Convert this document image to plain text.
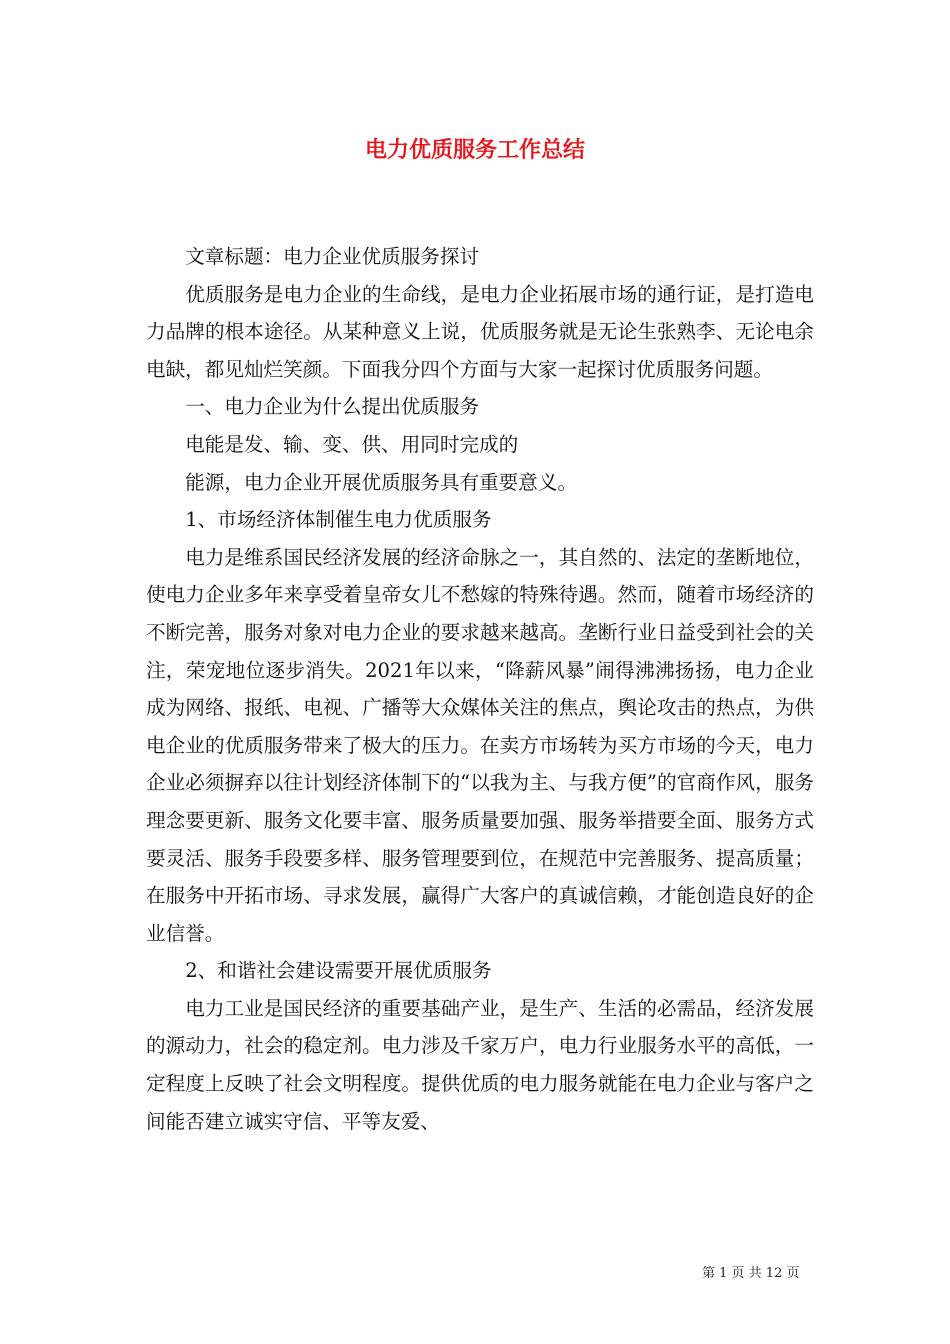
电力优质服务工作总结

文章标题：电力企业优质服务探讨

优质服务是电力企业的生命线，是电力企业拓展市场的通行证，是打造电力品牌的根本途径。从某种意义上说，优质服务就是无论生张熟李、无论电余电缺，都见灿烂笑颜。下面我分四个方面与大家一起探讨优质服务问题。

一、电力企业为什么提出优质服务

电能是发、输、变、供、用同时完成的

能源，电力企业开展优质服务具有重要意义。

1、市场经济体制催生电力优质服务

电力是维系国民经济发展的经济命脉之一，其自然的、法定的垄断地位，使电力企业多年来享受着皇帝女儿不愁嫁的特殊待遇。然而，随着市场经济的不断完善，服务对象对电力企业的要求越来越高。垄断行业日益受到社会的关注，荣宠地位逐步消失。2021年以来，“降薪风暴”闹得沸沸扬扬，电力企业成为网络、报纸、电视、广播等大众媒体关注的焦点，舆论攻击的热点，为供电企业的优质服务带来了极大的压力。在卖方市场转为买方市场的今天，电力企业必须摒弃以往计划经济体制下的“以我为主、与我方便”的官商作风，服务理念要更新、服务文化要丰富、服务质量要加强、服务举措要全面、服务方式要灵活、服务手段要多样、服务管理要到位，在规范中完善服务、提高质量；在服务中开拓市场、寻求发展，赢得广大客户的真诚信赖，才能创造良好的企业信誉。

2、和谐社会建设需要开展优质服务

电力工业是国民经济的重要基础产业，是生产、生活的必需品，经济发展的源动力，社会的稳定剂。电力涉及千家万户，电力行业服务水平的高低，一定程度上反映了社会文明程度。提供优质的电力服务就能在电力企业与客户之间能否建立诚实守信、平等友爱、

第 1 页 共 12 页
